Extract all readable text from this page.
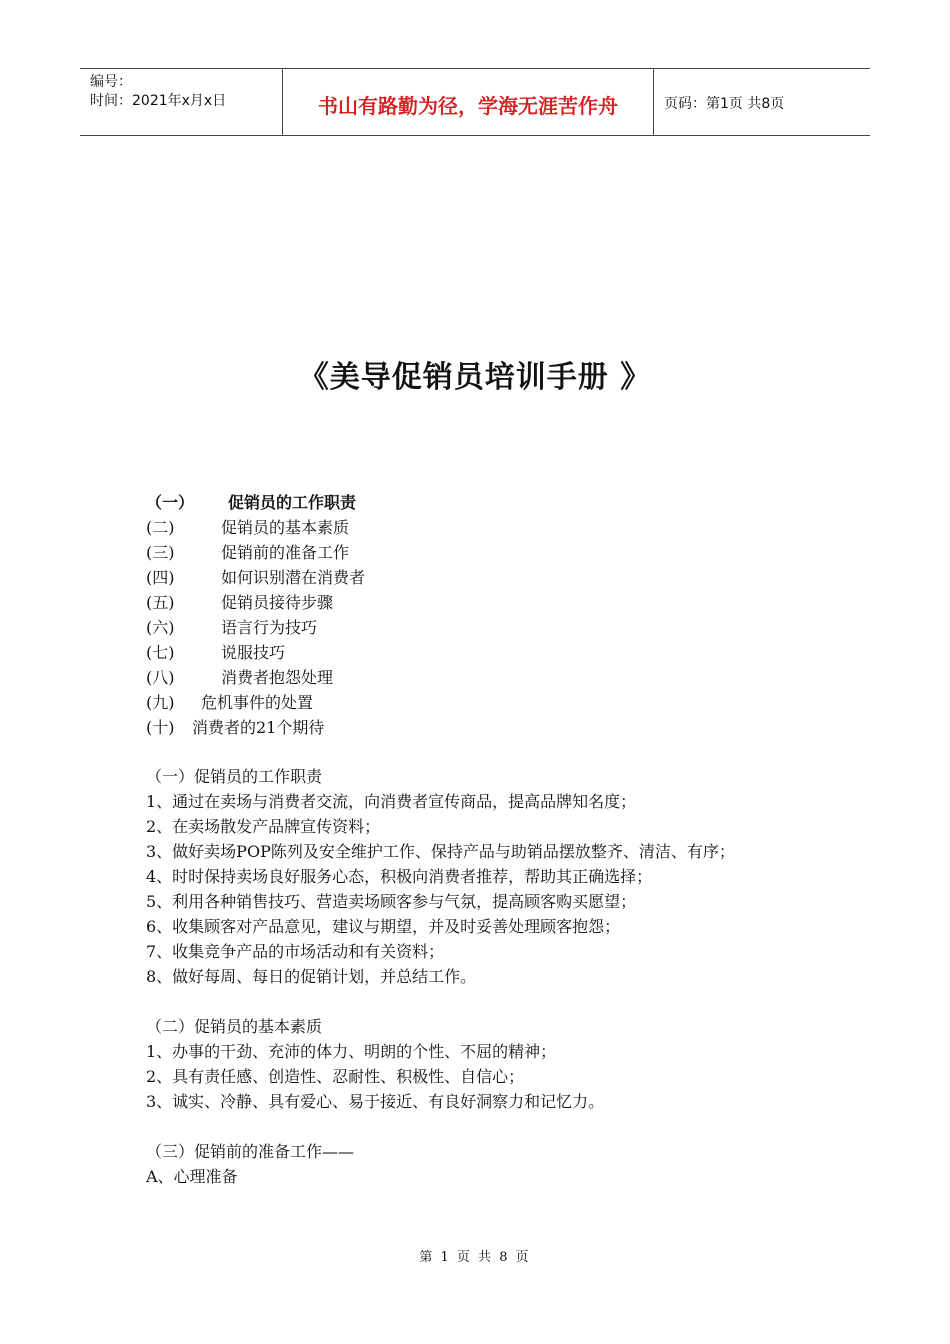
编号：
时间：2021年x月x日	书山有路勤为径，学海无涯苦作舟	页码：第1页 共8页
《美导促销员培训手册 》
（一）	促销员的工作职责
(二)	促销员的基本素质
(三)	促销前的准备工作
(四)	如何识别潜在消费者
(五)	促销员接待步骤
(六)	语言行为技巧
(七)	说服技巧
(八)	消费者抱怨处理
(九)	危机事件的处置
(十)	消费者的21个期待

（一）促销员的工作职责

1、通过在卖场与消费者交流，向消费者宣传商品，提高品牌知名度；

2、在卖场散发产品牌宣传资料；

3、做好卖场POP陈列及安全维护工作、保持产品与助销品摆放整齐、清洁、有序；

4、时时保持卖场良好服务心态，积极向消费者推荐，帮助其正确选择；

5、利用各种销售技巧、营造卖场顾客参与气氛，提高顾客购买愿望；

6、收集顾客对产品意见，建议与期望，并及时妥善处理顾客抱怨；

7、收集竞争产品的市场活动和有关资料；

8、做好每周、每日的促销计划，并总结工作。

（二）促销员的基本素质

1、办事的干劲、充沛的体力、明朗的个性、不屈的精神；

2、具有责任感、创造性、忍耐性、积极性、自信心；

3、诚实、冷静、具有爱心、易于接近、有良好洞察力和记忆力。

（三）促销前的准备工作——

A、心理准备

第 1 页 共 8 页
